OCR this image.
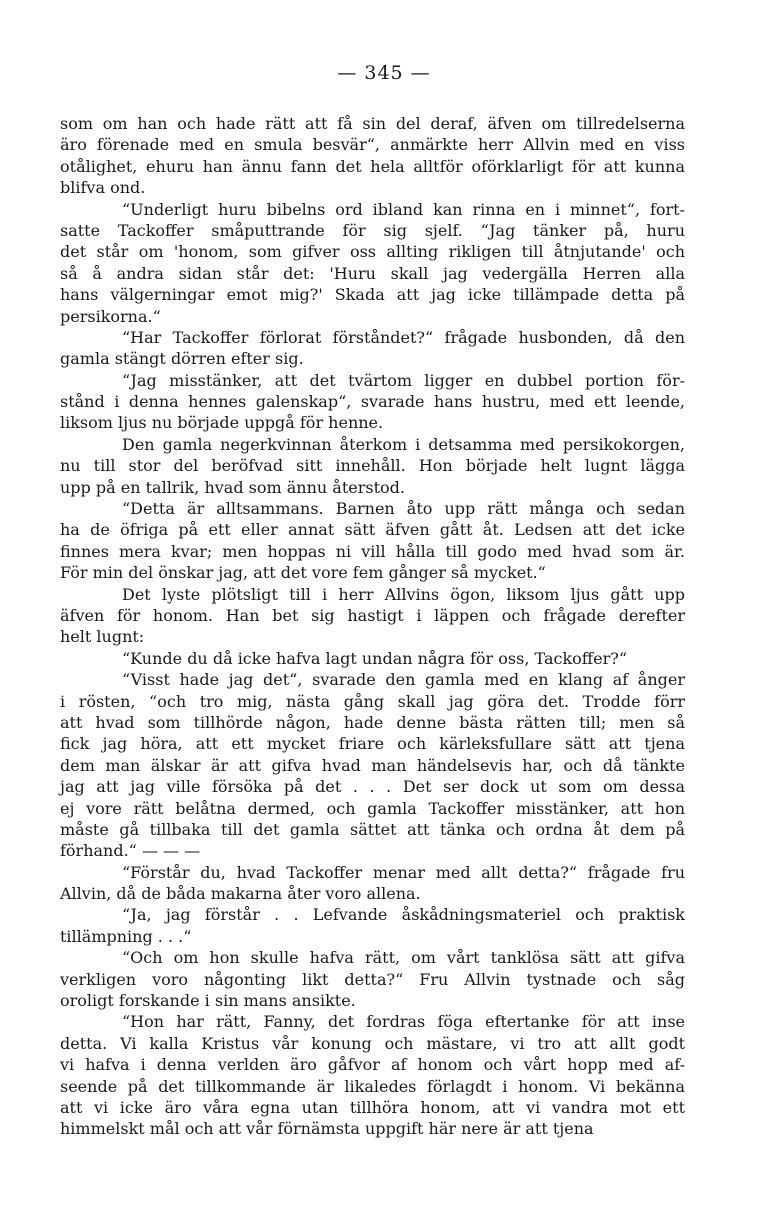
— 345 —
som om han och hade rätt att få sin del deraf, äfven om tillredelserna
äro förenade med en smula besvär“, anmärkte herr Allvin med en viss
otålighet, ehuru han ännu fann det hela alltför oförklarligt för att kunna
blifva ond.
“Underligt huru bibelns ord ibland kan rinna en i minnet“, fort-
satte Tackoffer småputtrande för sig sjelf. “Jag tänker på, huru
det står om 'honom, som gifver oss allting rikligen till åtnjutande' och
så å andra sidan står det: 'Huru skall jag vedergälla Herren alla
hans välgerningar emot mig?' Skada att jag icke tillämpade detta på
persikorna.“
“Har Tackoffer förlorat förståndet?“ frågade husbonden, då den
gamla stängt dörren efter sig.
“Jag misstänker, att det tvärtom ligger en dubbel portion för-
stånd i denna hennes galenskap“, svarade hans hustru, med ett leende,
liksom ljus nu började uppgå för henne.
Den gamla negerkvinnan återkom i detsamma med persikokorgen,
nu till stor del beröfvad sitt innehåll. Hon började helt lugnt lägga
upp på en tallrik, hvad som ännu återstod.
“Detta är alltsammans. Barnen åto upp rätt många och sedan
ha de öfriga på ett eller annat sätt äfven gått åt. Ledsen att det icke
finnes mera kvar; men hoppas ni vill hålla till godo med hvad som är.
För min del önskar jag, att det vore fem gånger så mycket.“
Det lyste plötsligt till i herr Allvins ögon, liksom ljus gått upp
äfven för honom. Han bet sig hastigt i läppen och frågade derefter
helt lugnt:
“Kunde du då icke hafva lagt undan några för oss, Tackoffer?“
“Visst hade jag det“, svarade den gamla med en klang af ånger
i rösten, “och tro mig, nästa gång skall jag göra det. Trodde förr
att hvad som tillhörde någon, hade denne bästa rätten till; men så
fick jag höra, att ett mycket friare och kärleksfullare sätt att tjena
dem man älskar är att gifva hvad man händelsevis har, och då tänkte
jag att jag ville försöka på det . . . Det ser dock ut som om dessa
ej vore rätt belåtna dermed, och gamla Tackoffer misstänker, att hon
måste gå tillbaka till det gamla sättet att tänka och ordna åt dem på
förhand.“ — — —
“Förstår du, hvad Tackoffer menar med allt detta?“ frågade fru
Allvin, då de båda makarna åter voro allena.
“Ja, jag förstår . . Lefvande åskådningsmateriel och praktisk
tillämpning . . .“
“Och om hon skulle hafva rätt, om vårt tanklösa sätt att gifva
verkligen voro någonting likt detta?“ Fru Allvin tystnade och såg
oroligt forskande i sin mans ansikte.
“Hon har rätt, Fanny, det fordras föga eftertanke för att inse
detta. Vi kalla Kristus vår konung och mästare, vi tro att allt godt
vi hafva i denna verlden äro gåfvor af honom och vårt hopp med af-
seende på det tillkommande är likaledes förlagdt i honom. Vi bekänna
att vi icke äro våra egna utan tillhöra honom, att vi vandra mot ett
himmelskt mål och att vår förnämsta uppgift här nere är att tjena
